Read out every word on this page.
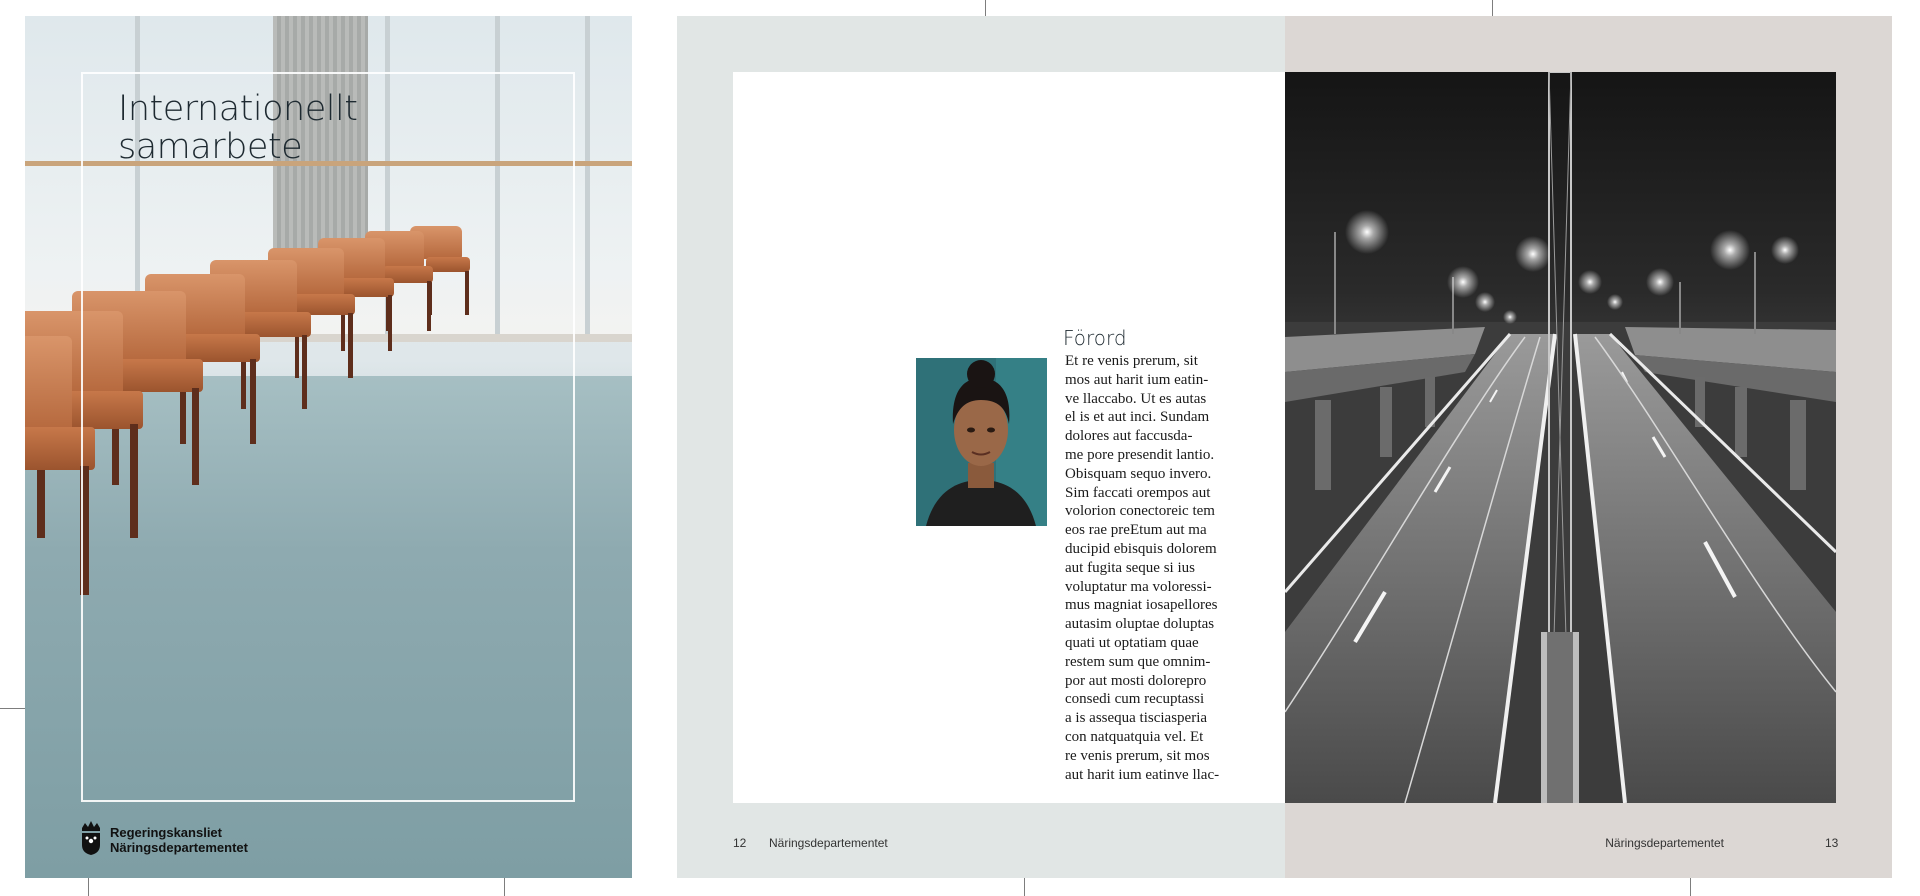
Internationellt
samarbete
Regeringskansliet
Näringsdepartementet
Förord
Et re venis prerum, sit
mos aut harit ium eatin-
ve llaccabo. Ut es autas
el is et aut inci. Sundam
dolores aut faccusda-
me pore presendit lantio.
Obisquam sequo invero.
Sim faccati orempos aut
volorion conectoreic tem
eos rae preEtum aut ma
ducipid ebisquis dolorem
aut fugita seque si ius
voluptatur ma voloressi-
mus magniat iosapellores
autasim oluptae doluptas
quati ut optatiam quae
restem sum que omnim-
por aut mosti dolorepro
consedi cum recuptassi
a is assequa tisciasperia
con natquatquia vel. Et
re venis prerum, sit mos
aut harit ium eatinve llac-
12 Näringsdepartementet	Näringsdepartementet	13
